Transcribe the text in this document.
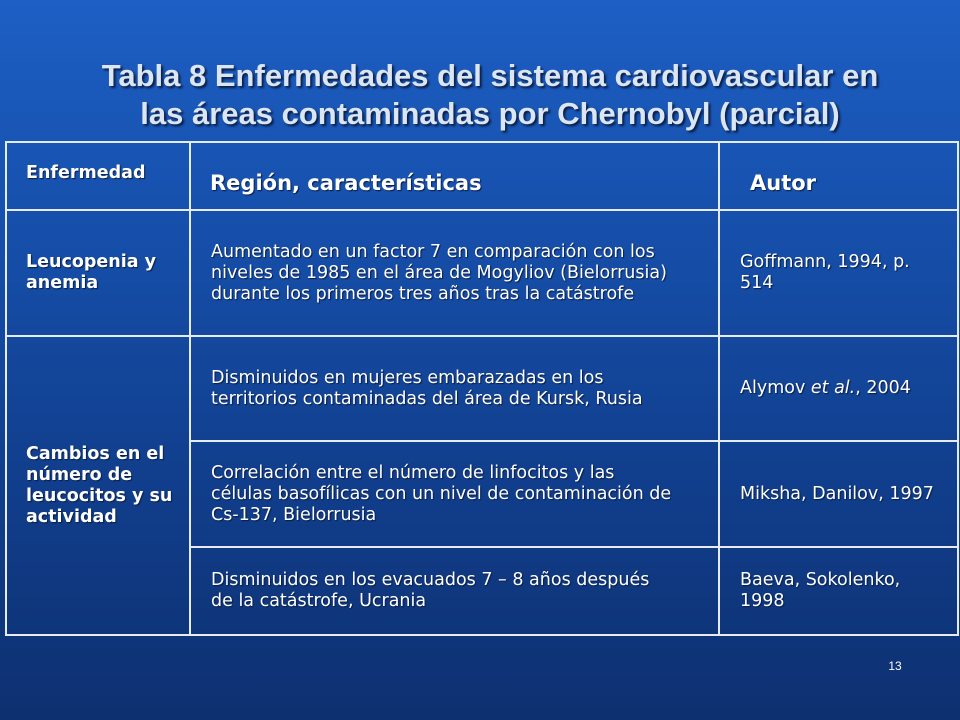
Tabla 8 Enfermedades del sistema cardiovascular en
las áreas contaminadas por Chernobyl (parcial)
Enfermedad	Región, características	Autor

Leucopenia y anemia	Aumentado en un factor 7 en comparación con los niveles de 1985 en el área de Mogyliov (Bielorrusia) durante los primeros tres años tras la catástrofe	Goffmann, 1994, p. 514
Cambios en el número de leucocitos y su actividad	Disminuidos en mujeres embarazadas en los territorios contaminadas del área de Kursk, Rusia	Alymov et al., 2004
	Correlación entre el número de linfocitos y las células basofílicas con un nivel de contaminación de Cs-137, Bielorrusia	Miksha, Danilov, 1997
	Disminuidos en los evacuados 7 – 8 años después de la catástrofe, Ucrania	Baeva, Sokolenko, 1998
13
